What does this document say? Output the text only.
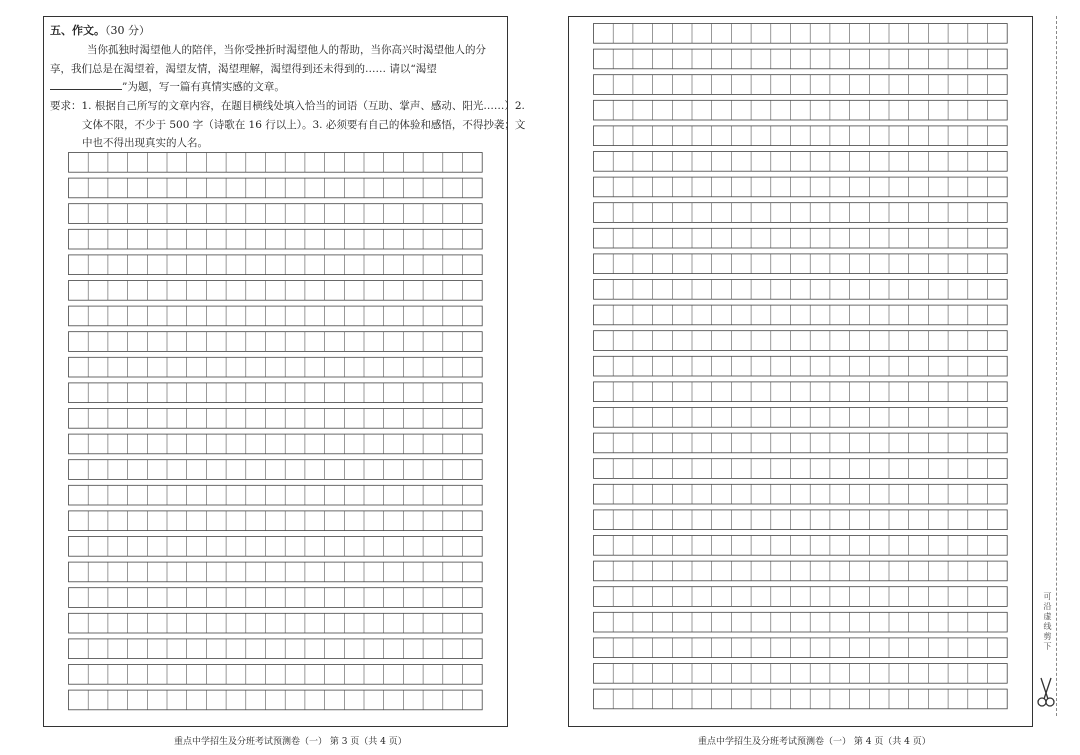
五、作文。（30 分）
当你孤独时渴望他人的陪伴，当你受挫折时渴望他人的帮助，当你高兴时渴望他人的分享，我们总是在渴望着，渴望友情，渴望理解，渴望得到还未得到的…… 请以“渴望”为题，写一篇有真情实感的文章。
要求：1. 根据自己所写的文章内容，在题目横线处填入恰当的词语（互助、掌声、感动、阳光……）2. 文体不限，不少于 500 字（诗歌在 16 行以上）。3. 必须要有自己的体验和感悟，不得抄袭；文中也不得出现真实的人名。
重点中学招生及分班考试预测卷（一） 第 3 页（共 4 页）	重点中学招生及分班考试预测卷（一） 第 4 页（共 4 页）
可沿虚线剪下
